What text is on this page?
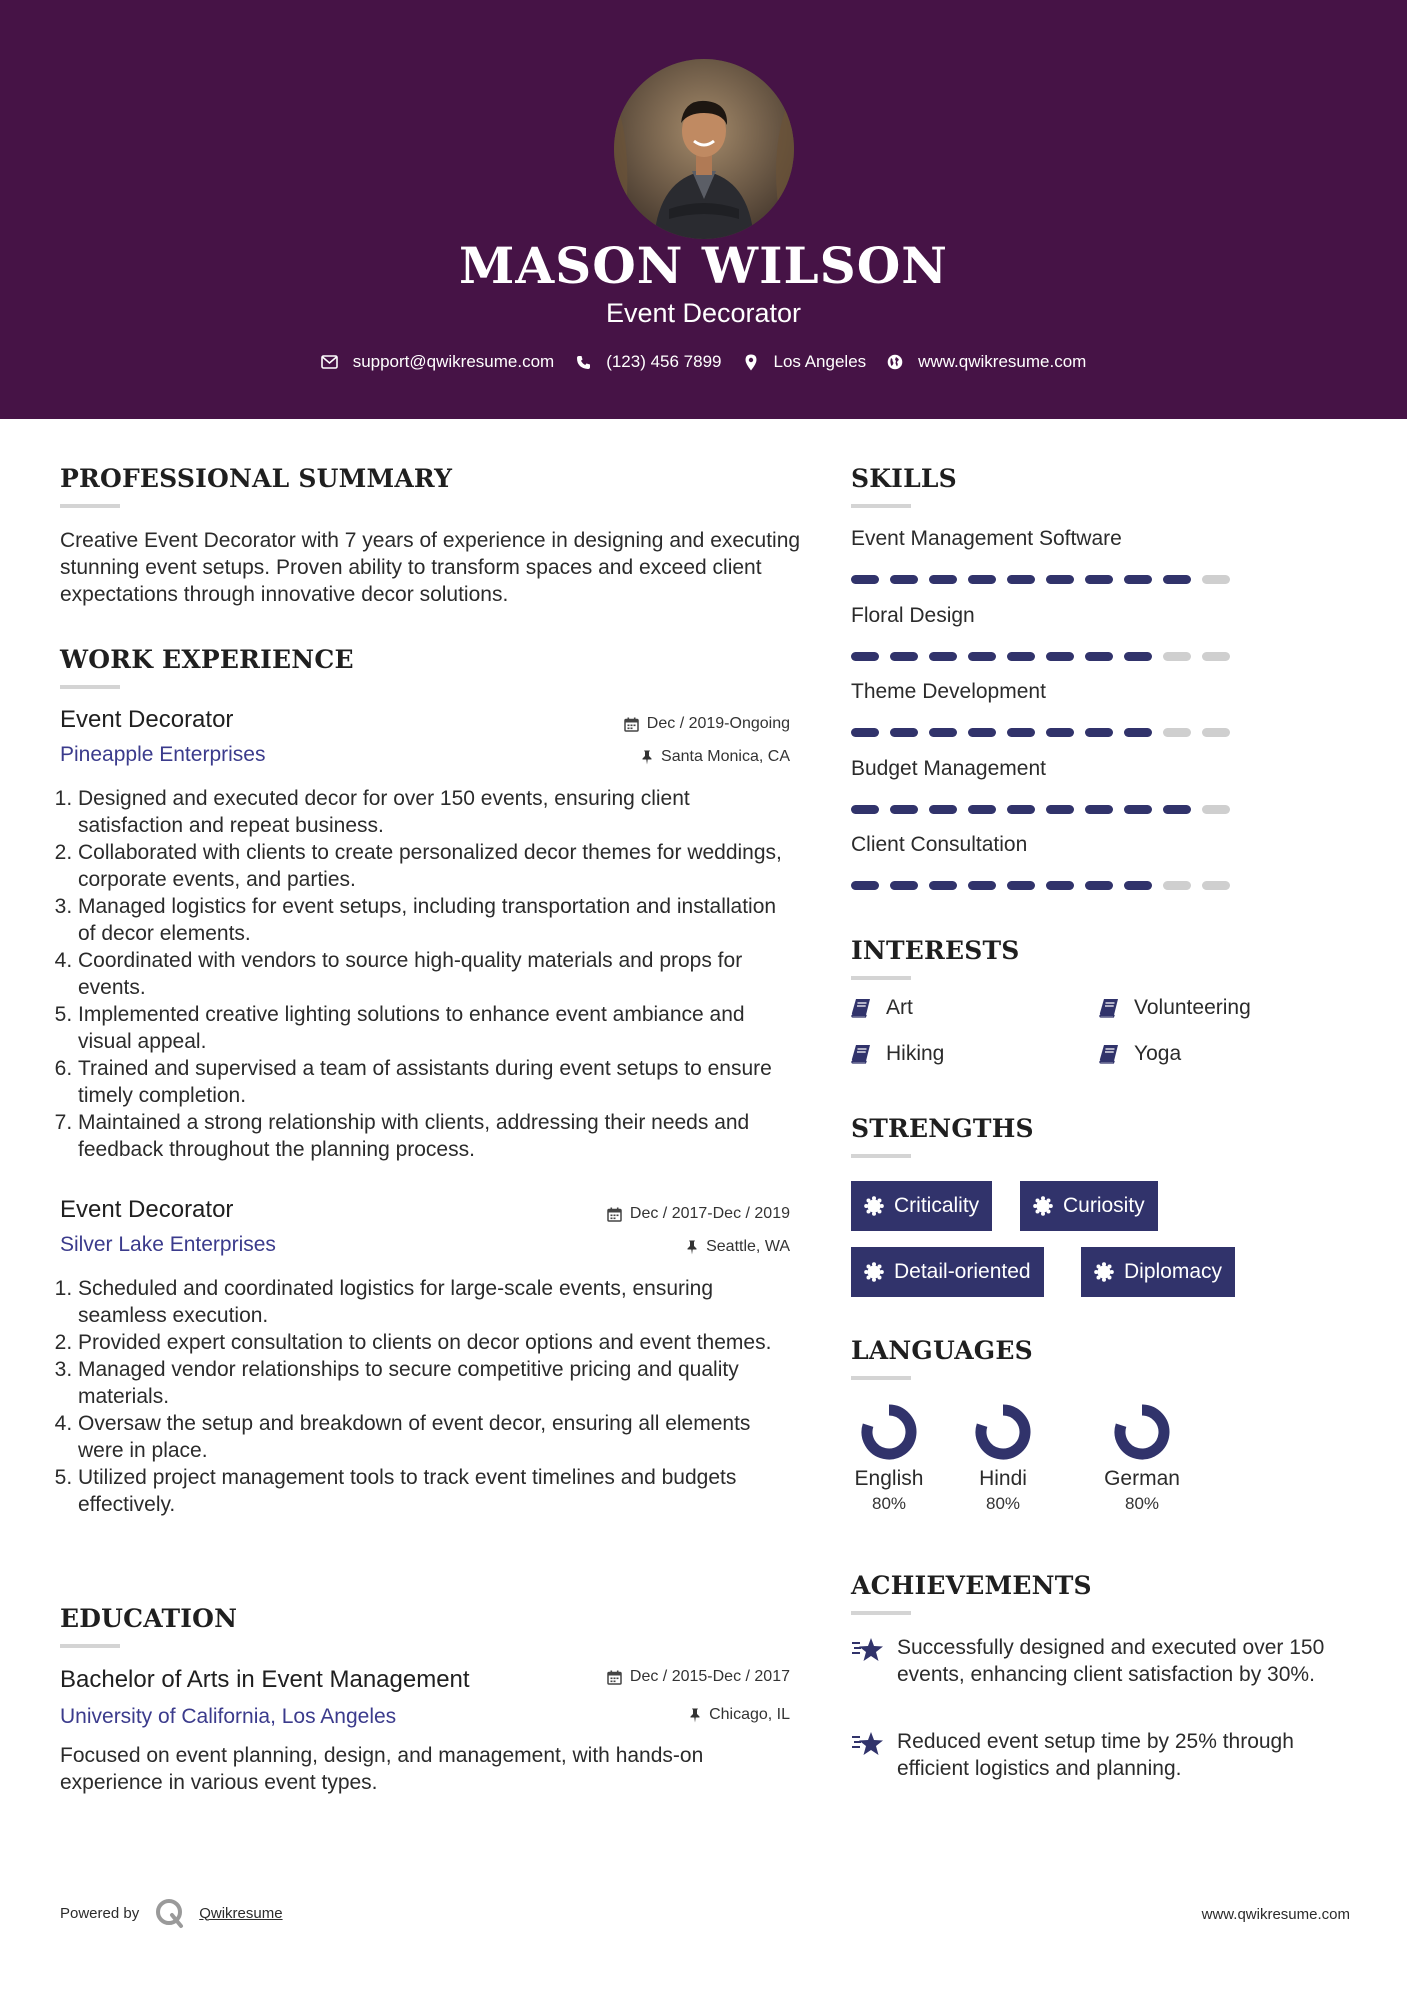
MASON WILSON
Event Decorator
support@qwikresume.com	(123) 456 7899	Los Angeles	www.qwikresume.com
PROFESSIONAL SUMMARY
Creative Event Decorator with 7 years of experience in designing and executing stunning event setups. Proven ability to transform spaces and exceed client expectations through innovative decor solutions.
WORK EXPERIENCE
Event Decorator	Dec / 2019-Ongoing
Pineapple Enterprises	Santa Monica, CA
1. Designed and executed decor for over 150 events, ensuring client satisfaction and repeat business.
2. Collaborated with clients to create personalized decor themes for weddings, corporate events, and parties.
3. Managed logistics for event setups, including transportation and installation of decor elements.
4. Coordinated with vendors to source high-quality materials and props for events.
5. Implemented creative lighting solutions to enhance event ambiance and visual appeal.
6. Trained and supervised a team of assistants during event setups to ensure timely completion.
7. Maintained a strong relationship with clients, addressing their needs and feedback throughout the planning process.
Event Decorator	Dec / 2017-Dec / 2019
Silver Lake Enterprises	Seattle, WA
1. Scheduled and coordinated logistics for large-scale events, ensuring seamless execution.
2. Provided expert consultation to clients on decor options and event themes.
3. Managed vendor relationships to secure competitive pricing and quality materials.
4. Oversaw the setup and breakdown of event decor, ensuring all elements were in place.
5. Utilized project management tools to track event timelines and budgets effectively.
EDUCATION
Bachelor of Arts in Event Management	Dec / 2015-Dec / 2017
University of California, Los Angeles	Chicago, IL
Focused on event planning, design, and management, with hands-on experience in various event types.
SKILLS
Event Management Software
Floral Design
Theme Development
Budget Management
Client Consultation
INTERESTS
Art	Volunteering
Hiking	Yoga
STRENGTHS
Criticality	Curiosity
Detail-oriented	Diplomacy
LANGUAGES
English
80%
Hindi
80%
German
80%
ACHIEVEMENTS
Successfully designed and executed over 150 events, enhancing client satisfaction by 30%.
Reduced event setup time by 25% through efficient logistics and planning.
Powered by	Qwikresume	www.qwikresume.com
